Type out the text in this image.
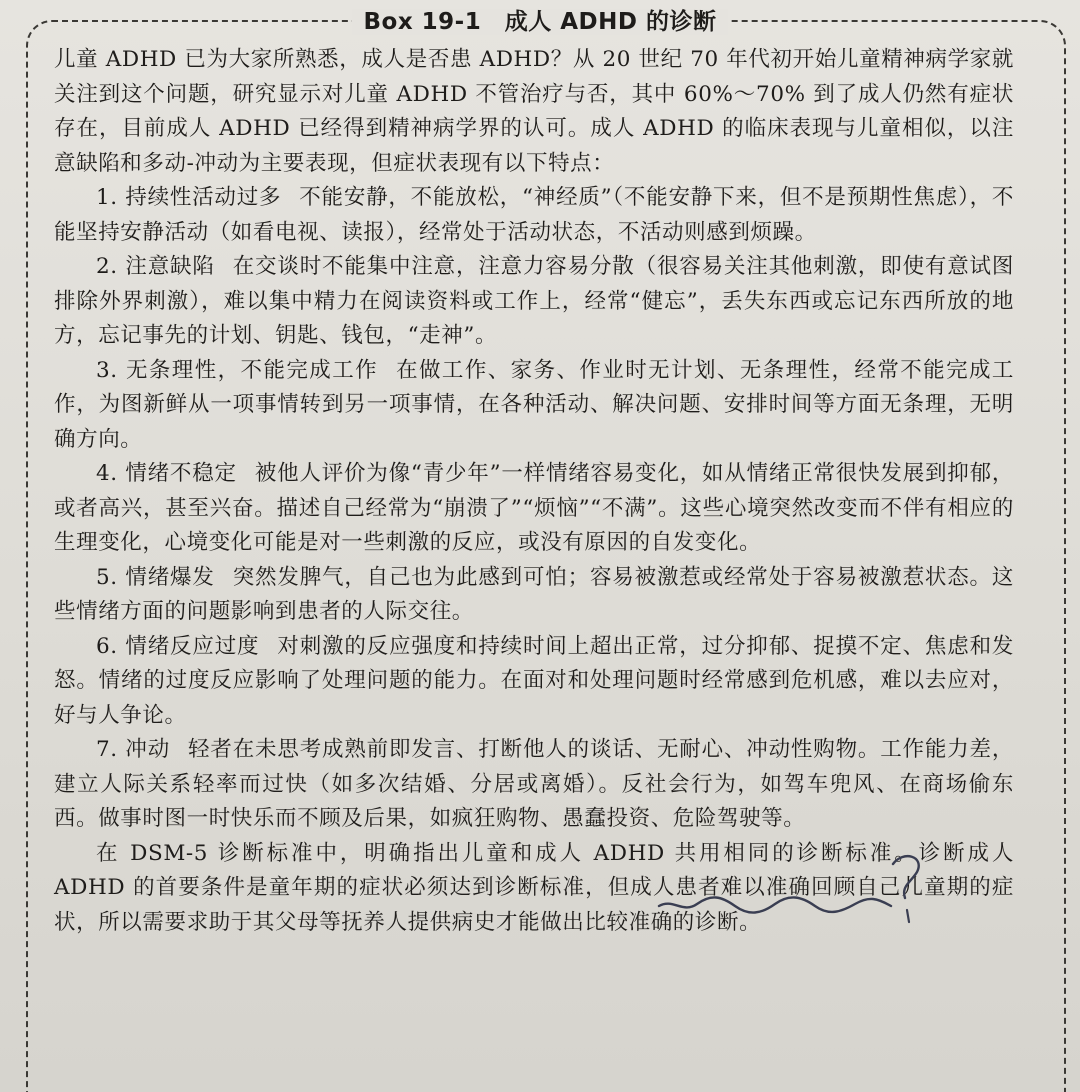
Box 19-1　成人 ADHD 的诊断

儿童 ADHD 已为大家所熟悉，成人是否患 ADHD？从 20 世纪 70 年代初开始儿童精神病学家就关注到这个问题，研究显示对儿童 ADHD 不管治疗与否，其中 60%～70% 到了成人仍然有症状存在，目前成人 ADHD 已经得到精神病学界的认可。成人 ADHD 的临床表现与儿童相似，以注意缺陷和多动-冲动为主要表现，但症状表现有以下特点：

1. 持续性活动过多 不能安静，不能放松，“神经质”（不能安静下来，但不是预期性焦虑），不能坚持安静活动（如看电视、读报），经常处于活动状态，不活动则感到烦躁。

2. 注意缺陷 在交谈时不能集中注意，注意力容易分散（很容易关注其他刺激，即使有意试图排除外界刺激），难以集中精力在阅读资料或工作上，经常“健忘”，丢失东西或忘记东西所放的地方，忘记事先的计划、钥匙、钱包，“走神”。

3. 无条理性，不能完成工作 在做工作、家务、作业时无计划、无条理性，经常不能完成工作，为图新鲜从一项事情转到另一项事情，在各种活动、解决问题、安排时间等方面无条理，无明确方向。

4. 情绪不稳定 被他人评价为像“青少年”一样情绪容易变化，如从情绪正常很快发展到抑郁，或者高兴，甚至兴奋。描述自己经常为“崩溃了”“烦恼”“不满”。这些心境突然改变而不伴有相应的生理变化，心境变化可能是对一些刺激的反应，或没有原因的自发变化。

5. 情绪爆发 突然发脾气，自己也为此感到可怕；容易被激惹或经常处于容易被激惹状态。这些情绪方面的问题影响到患者的人际交往。

6. 情绪反应过度 对刺激的反应强度和持续时间上超出正常，过分抑郁、捉摸不定、焦虑和发怒。情绪的过度反应影响了处理问题的能力。在面对和处理问题时经常感到危机感，难以去应对，好与人争论。

7. 冲动 轻者在未思考成熟前即发言、打断他人的谈话、无耐心、冲动性购物。工作能力差，建立人际关系轻率而过快（如多次结婚、分居或离婚）。反社会行为，如驾车兜风、在商场偷东西。做事时图一时快乐而不顾及后果，如疯狂购物、愚蠢投资、危险驾驶等。

在 DSM-5 诊断标准中，明确指出儿童和成人 ADHD 共用相同的诊断标准。诊断成人 ADHD 的首要条件是童年期的症状必须达到诊断标准，但成人患者难以准确回顾自己儿童期的症状，所以需要求助于其父母等抚养人提供病史才能做出比较准确的诊断。
